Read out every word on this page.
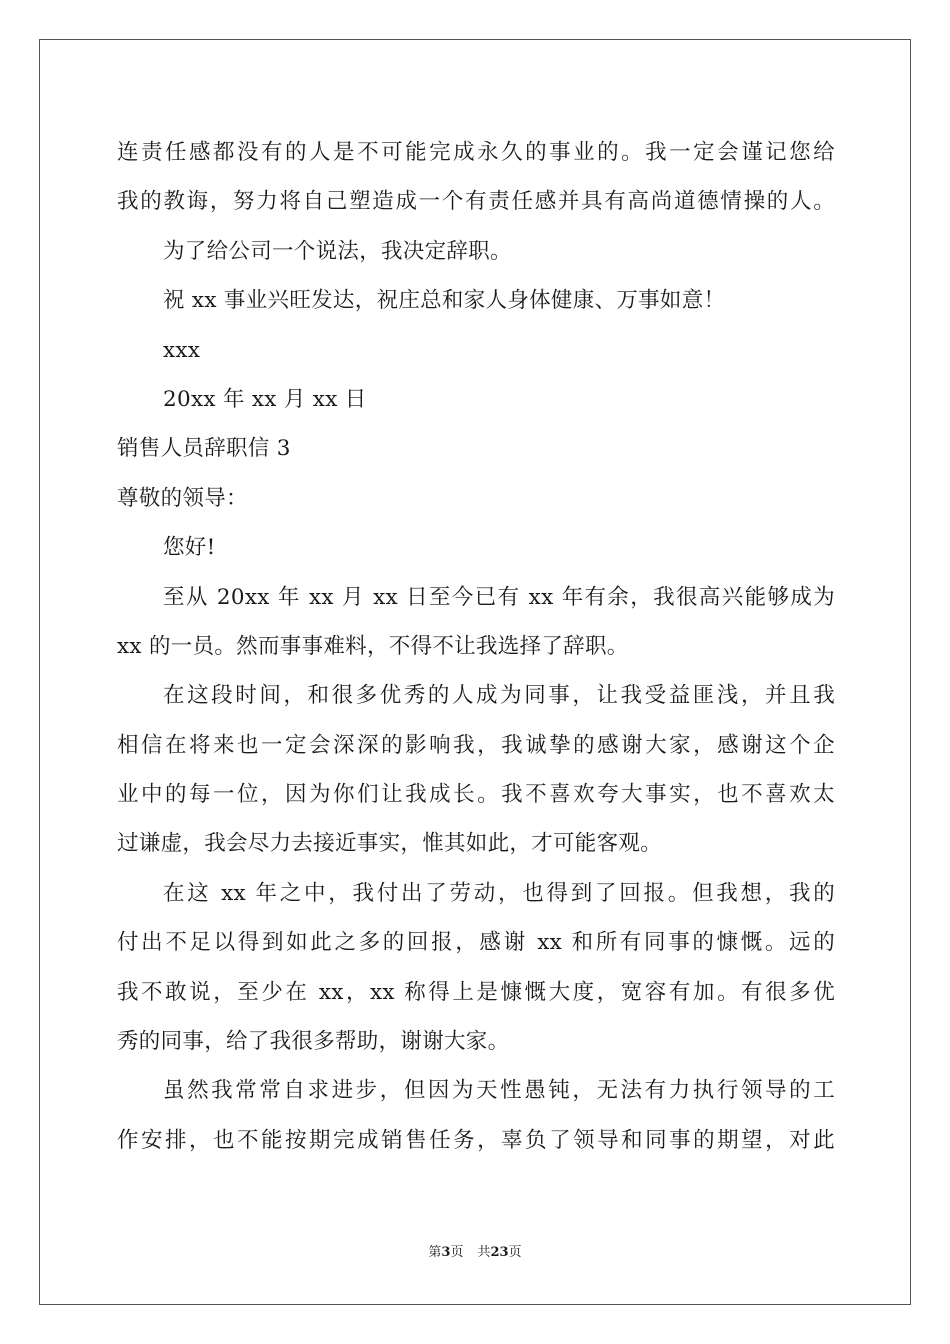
连责任感都没有的人是不可能完成永久的事业的。我一定会谨记您给
我的教诲，努力将自己塑造成一个有责任感并具有高尚道德情操的人。
为了给公司一个说法，我决定辞职。
祝 xx 事业兴旺发达，祝庄总和家人身体健康、万事如意！
xxx
20xx 年 xx 月 xx 日
销售人员辞职信 3
尊敬的领导：
您好!
至从 20xx 年 xx 月 xx 日至今已有 xx 年有余，我很高兴能够成为
xx 的一员。然而事事难料，不得不让我选择了辞职。
在这段时间，和很多优秀的人成为同事，让我受益匪浅，并且我
相信在将来也一定会深深的影响我，我诚挚的感谢大家，感谢这个企
业中的每一位，因为你们让我成长。我不喜欢夸大事实，也不喜欢太
过谦虚，我会尽力去接近事实，惟其如此，才可能客观。
在这 xx 年之中，我付出了劳动，也得到了回报。但我想，我的
付出不足以得到如此之多的回报，感谢 xx 和所有同事的慷慨。远的
我不敢说，至少在 xx，xx 称得上是慷慨大度，宽容有加。有很多优
秀的同事，给了我很多帮助，谢谢大家。
虽然我常常自求进步，但因为天性愚钝，无法有力执行领导的工
作安排，也不能按期完成销售任务，辜负了领导和同事的期望，对此
第3页 共23页
